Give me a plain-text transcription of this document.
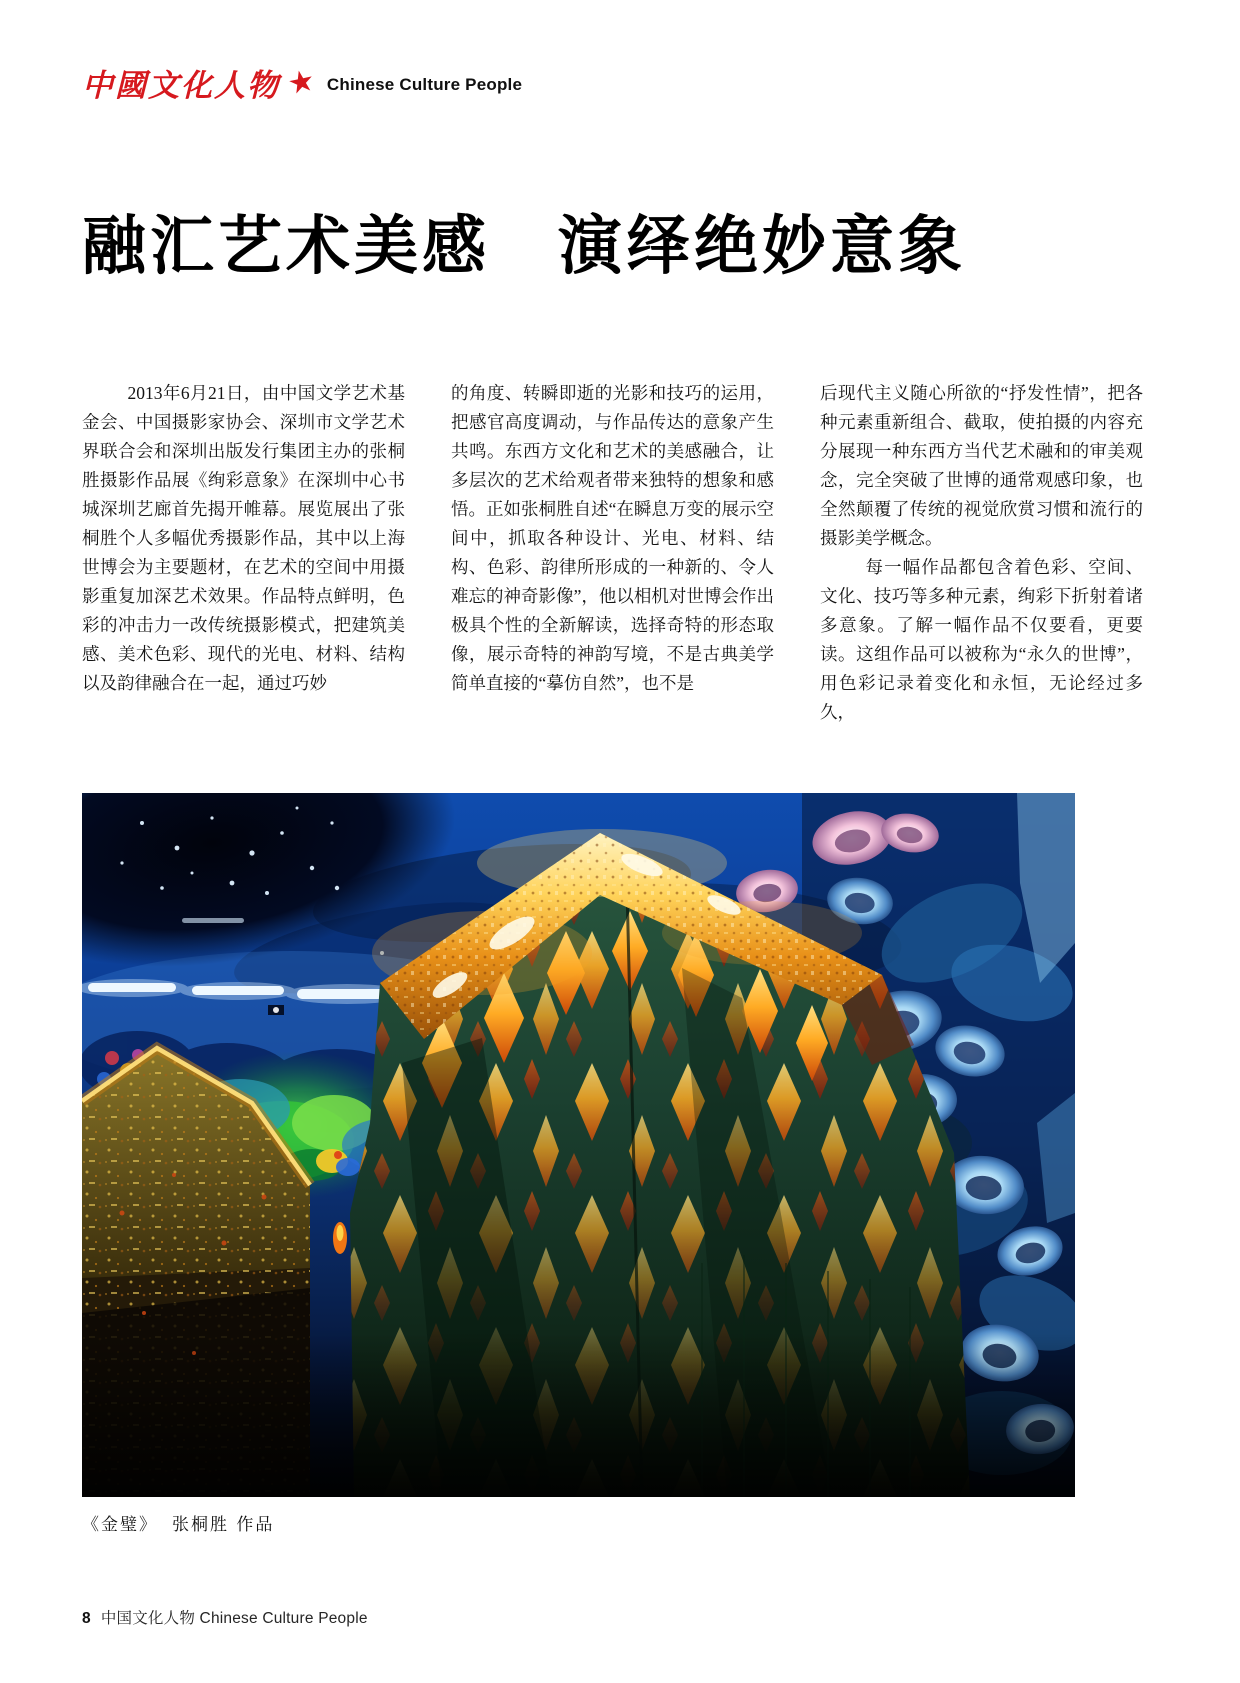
中國文化人物 ★ Chinese Culture People
融汇艺术美感　演绎绝妙意象

2013年6月21日，由中国文学艺术基金会、中国摄影家协会、深圳市文学艺术界联合会和深圳出版发行集团主办的张桐胜摄影作品展《绚彩意象》在深圳中心书城深圳艺廊首先揭开帷幕。展览展出了张桐胜个人多幅优秀摄影作品，其中以上海世博会为主要题材，在艺术的空间中用摄影重复加深艺术效果。作品特点鲜明，色彩的冲击力一改传统摄影模式，把建筑美感、美术色彩、现代的光电、材料、结构以及韵律融合在一起，通过巧妙

的角度、转瞬即逝的光影和技巧的运用，把感官高度调动，与作品传达的意象产生共鸣。东西方文化和艺术的美感融合，让多层次的艺术给观者带来独特的想象和感悟。正如张桐胜自述“在瞬息万变的展示空间中，抓取各种设计、光电、材料、结构、色彩、韵律所形成的一种新的、令人难忘的神奇影像”，他以相机对世博会作出极具个性的全新解读，选择奇特的形态取像，展示奇特的神韵写境，不是古典美学简单直接的“摹仿自然”，也不是

后现代主义随心所欲的“抒发性情”，把各种元素重新组合、截取，使拍摄的内容充分展现一种东西方当代艺术融和的审美观念，完全突破了世博的通常观感印象，也全然颠覆了传统的视觉欣赏习惯和流行的摄影美学概念。

每一幅作品都包含着色彩、空间、文化、技巧等多种元素，绚彩下折射着诸多意象。了解一幅作品不仅要看，更要读。这组作品可以被称为“永久的世博”，用色彩记录着变化和永恒，无论经过多久，

《金璧》 张桐胜 作品
8 中国文化人物 Chinese Culture People
